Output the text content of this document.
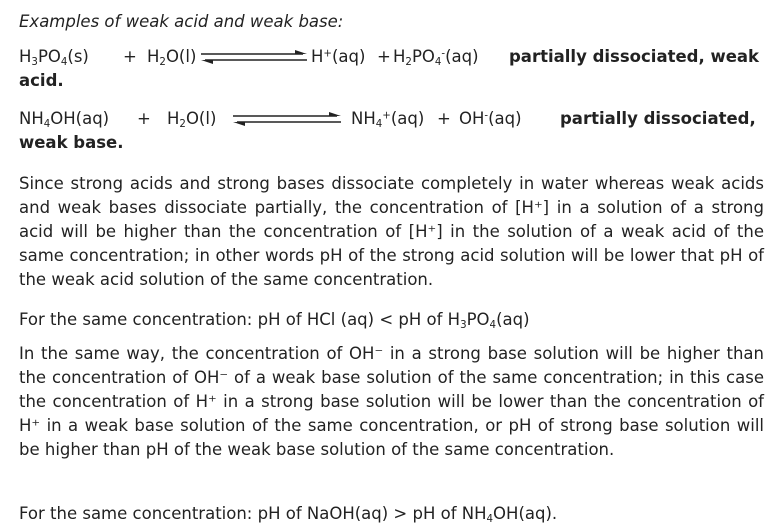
Examples of weak acid and weak base:
$H_3PO_4(s) + H_2O(l)$	$H^+(aq) + H_2PO_4^-(aq)$ partially dissociated, weak
acid.
$NH_4OH(aq) + H_2O(l)$	$NH_4^+(aq) + OH^-(aq)$ partially dissociated,
weak base.
Since strong acids and strong bases dissociate completely in water whereas weak acids and weak bases dissociate partially, the concentration of [H⁺] in a solution of a strong acid will be higher than the concentration of [H⁺] in the solution of a weak acid of the same concentration; in other words pH of the strong acid solution will be lower that pH of the weak acid solution of the same concentration.
For the same concentration: pH of HCl (aq) < pH of $H_3PO_4(aq)$
In the same way, the concentration of OH⁻ in a strong base solution will be higher than the concentration of OH⁻ of a weak base solution of the same concentration; in this case the concentration of H⁺ in a strong base solution will be lower than the concentration of H⁺ in a weak base solution of the same concentration, or pH of strong base solution will be higher than pH of the weak base solution of the same concentration.
For the same concentration: pH of NaOH(aq) > pH of $NH_4OH(aq)$.
